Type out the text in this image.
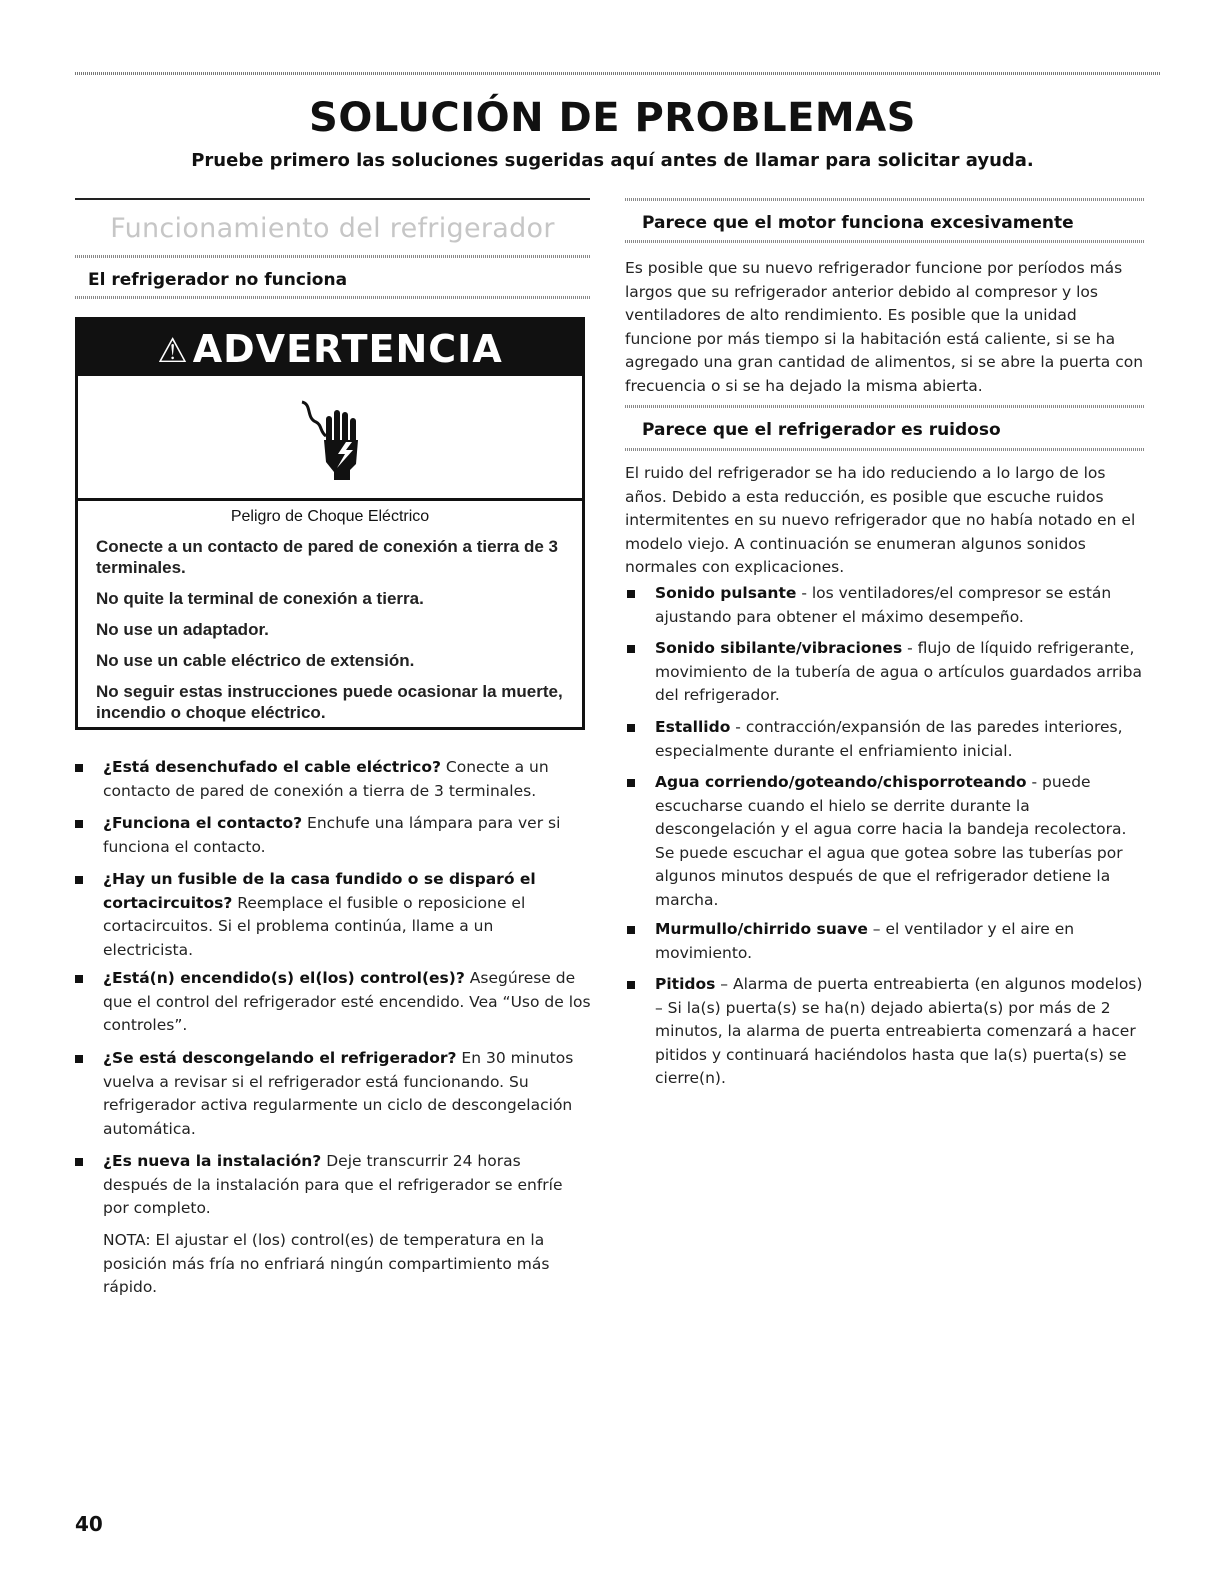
SOLUCIÓN DE PROBLEMAS
Pruebe primero las soluciones sugeridas aquí antes de llamar para solicitar ayuda.
Funcionamiento del refrigerador
El refrigerador no funciona
⚠ ADVERTENCIA
Peligro de Choque Eléctrico

Conecte a un contacto de pared de conexión a tierra de 3 terminales.

No quite la terminal de conexión a tierra.

No use un adaptador.

No use un cable eléctrico de extensión.

No seguir estas instrucciones puede ocasionar la muerte, incendio o choque eléctrico.

¿Está desenchufado el cable eléctrico? Conecte a un contacto de pared de conexión a tierra de 3 terminales.
¿Funciona el contacto? Enchufe una lámpara para ver si funciona el contacto.
¿Hay un fusible de la casa fundido o se disparó el cortacircuitos? Reemplace el fusible o reposicione el cortacircuitos. Si el problema continúa, llame a un electricista.
¿Está(n) encendido(s) el(los) control(es)? Asegúrese de que el control del refrigerador esté encendido. Vea “Uso de los controles”.
¿Se está descongelando el refrigerador? En 30 minutos vuelva a revisar si el refrigerador está funcionando. Su refrigerador activa regularmente un ciclo de descongelación automática.
¿Es nueva la instalación? Deje transcurrir 24 horas después de la instalación para que el refrigerador se enfríe por completo.
NOTA: El ajustar el (los) control(es) de temperatura en la posición más fría no enfriará ningún compartimiento más rápido.
Parece que el motor funciona excesivamente
Es posible que su nuevo refrigerador funcione por períodos más largos que su refrigerador anterior debido al compresor y los ventiladores de alto rendimiento. Es posible que la unidad funcione por más tiempo si la habitación está caliente, si se ha agregado una gran cantidad de alimentos, si se abre la puerta con frecuencia o si se ha dejado la misma abierta.
Parece que el refrigerador es ruidoso
El ruido del refrigerador se ha ido reduciendo a lo largo de los años. Debido a esta reducción, es posible que escuche ruidos intermitentes en su nuevo refrigerador que no había notado en el modelo viejo. A continuación se enumeran algunos sonidos normales con explicaciones.
Sonido pulsante - los ventiladores/el compresor se están ajustando para obtener el máximo desempeño.
Sonido sibilante/vibraciones - flujo de líquido refrigerante, movimiento de la tubería de agua o artículos guardados arriba del refrigerador.
Estallido - contracción/expansión de las paredes interiores, especialmente durante el enfriamiento inicial.
Agua corriendo/goteando/chisporroteando - puede escucharse cuando el hielo se derrite durante la descongelación y el agua corre hacia la bandeja recolectora. Se puede escuchar el agua que gotea sobre las tuberías por algunos minutos después de que el refrigerador detiene la marcha.
Murmullo/chirrido suave – el ventilador y el aire en movimiento.
Pitidos – Alarma de puerta entreabierta (en algunos modelos) – Si la(s) puerta(s) se ha(n) dejado abierta(s) por más de 2 minutos, la alarma de puerta entreabierta comenzará a hacer pitidos y continuará haciéndolos hasta que la(s) puerta(s) se cierre(n).
40
